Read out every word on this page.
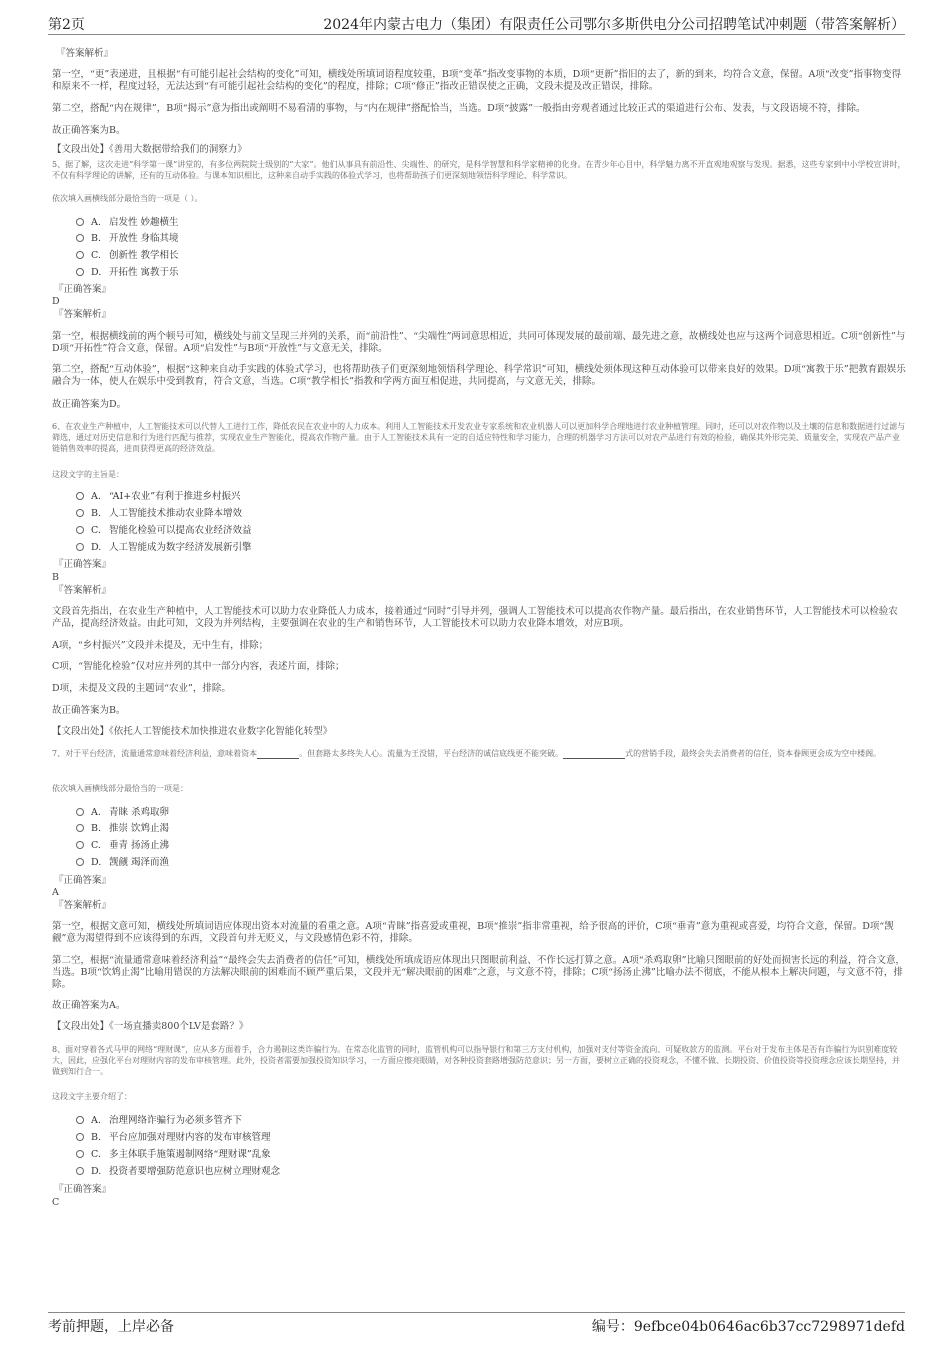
第2页	2024年内蒙古电力（集团）有限责任公司鄂尔多斯供电分公司招聘笔试冲刺题（带答案解析）

『答案解析』

第一空，“更”表递进，且根据“有可能引起社会结构的变化”可知，横线处所填词语程度较重，B项“变革”指改变事物的本质，D项“更新”指旧的去了，新的到来，均符合文意，保留。A项“改变”指事物变得和原来不一样，程度过轻，无法达到“有可能引起社会结构的变化”的程度，排除；C项“修正”指改正错误使之正确，文段未提及改正错误，排除。

第二空，搭配“内在规律”，B项“揭示”意为指出或阐明不易看清的事物，与“内在规律”搭配恰当，当选。D项“披露”一般指由旁观者通过比较正式的渠道进行公布、发表，与文段语境不符，排除。

故正确答案为B。

【文段出处】《善用大数据带给我们的洞察力》

5、据了解，这次走进“科学第一课”讲堂的，有多位两院院士级别的“大家”。他们从事具有前沿性、尖端性、的研究，是科学智慧和科学家精神的化身。在青少年心目中，科学魅力离不开直观地观察与发现。据悉，这些专家到中小学校宣讲时，不仅有科学理论的讲解，还有的互动体验。与课本知识相比，这种来自动手实践的体验式学习，也将帮助孩子们更深刻地领悟科学理论、科学常识。

依次填入画横线部分最恰当的一项是（ ）。

A. 启发性 妙趣横生
B. 开放性 身临其境
C. 创新性 教学相长
D. 开拓性 寓教于乐

『正确答案』

D

『答案解析』

第一空，根据横线前的两个顿号可知，横线处与前文呈现三并列的关系，而“前沿性”、“尖端性”两词意思相近，共同可体现发展的最前端、最先进之意，故横线处也应与这两个词意思相近。C项“创新性”与D项“开拓性”符合文意，保留。A项“启发性”与B项“开放性”与文意无关，排除。

第二空，搭配“互动体验”，根据“这种来自动手实践的体验式学习，也将帮助孩子们更深刻地领悟科学理论、科学常识”可知，横线处须体现这种互动体验可以带来良好的效果。D项“寓教于乐”把教育跟娱乐融合为一体，使人在娱乐中受到教育，符合文意，当选。C项“教学相长”指教和学两方面互相促进，共同提高，与文意无关，排除。

故正确答案为D。

6、在农业生产种植中，人工智能技术可以代替人工进行工作，降低农民在农业中的人力成本。利用人工智能技术开发农业专家系统和农业机器人可以更加科学合理地进行农业种植管理。同时，还可以对农作物以及土壤的信息和数据进行过滤与筛选，通过对历史信息和行为进行匹配与推荐，实现农业生产智能化，提高农作物产量。由于人工智能技术具有一定的自适应特性和学习能力，合理的机器学习方法可以对农产品进行有效的检验，确保其外形完美、质量安全，实现农产品产业链销售效率的提高，进而获得更高的经济效益。

这段文字的主旨是：

A. “AI+农业”有利于推进乡村振兴
B. 人工智能技术推动农业降本增效
C. 智能化检验可以提高农业经济效益
D. 人工智能成为数字经济发展新引擎

『正确答案』

B

『答案解析』

文段首先指出，在农业生产种植中，人工智能技术可以助力农业降低人力成本，接着通过“同时”引导并列，强调人工智能技术可以提高农作物产量。最后指出，在农业销售环节，人工智能技术可以检验农产品，提高经济效益。由此可知，文段为并列结构，主要强调在农业的生产和销售环节，人工智能技术可以助力农业降本增效，对应B项。

A项，“乡村振兴”文段并未提及，无中生有，排除；

C项，“智能化检验”仅对应并列的其中一部分内容，表述片面，排除；

D项，未提及文段的主题词“农业”，排除。

故正确答案为B。

【文段出处】《依托人工智能技术加快推进农业数字化智能化转型》

7、对于平台经济，流量通常意味着经济利益，意味着资本	。但套路太多终失人心。流量为王没错，平台经济的诚信底线更不能突破。	式的营销手段，最终会失去消费者的信任，资本眷顾更会成为空中楼阁。

依次填入画横线部分最恰当的一项是：

A. 青睐 杀鸡取卵
B. 推崇 饮鸩止渴
C. 垂青 扬汤止沸
D. 觊觎 竭泽而渔

『正确答案』

A

『答案解析』

第一空，根据文意可知，横线处所填词语应体现出资本对流量的看重之意。A项“青睐”指喜爱或重视，B项“推崇”指非常重视，给予很高的评价，C项“垂青”意为重视或喜爱，均符合文意，保留。D项“觊觎”意为渴望得到不应该得到的东西，文段首句并无贬义，与文段感情色彩不符，排除。

第二空，根据“流量通常意味着经济利益”“最终会失去消费者的信任”可知，横线处所填成语应体现出只图眼前利益、不作长远打算之意。A项“杀鸡取卵”比喻只图眼前的好处而损害长远的利益，符合文意，当选。B项“饮鸩止渴”比喻用错误的方法解决眼前的困难而不顾严重后果，文段并无“解决眼前的困难”之意，与文意不符，排除；C项“扬汤止沸”比喻办法不彻底，不能从根本上解决问题，与文意不符，排除。

故正确答案为A。

【文段出处】《一场直播卖800个LV是套路？》

8、面对穿着各式马甲的网络“理财课”，应从多方面着手，合力遏制这类诈骗行为。在常态化监管的同时，监管机构可以指导银行和第三方支付机构，加强对支付等资金流向、可疑收款方的监测。平台对于发布主体是否有诈骗行为识别难度较大，因此，应强化平台对理财内容的发布审核管理。此外，投资者需要加强投资知识学习，一方面应擦亮眼睛，对各种投资套路增强防范意识；另一方面，要树立正确的投资观念，不懂不做、长期投资、价值投资等投资理念应该长期坚持，并做到知行合一。

这段文字主要介绍了：

A. 治理网络诈骗行为必须多管齐下
B. 平台应加强对理财内容的发布审核管理
C. 多主体联手施策遏制网络“理财课”乱象
D. 投资者要增强防范意识也应树立理财观念

『正确答案』

C

考前押题，上岸必备	编号：9efbce04b0646ac6b37cc7298971defd
